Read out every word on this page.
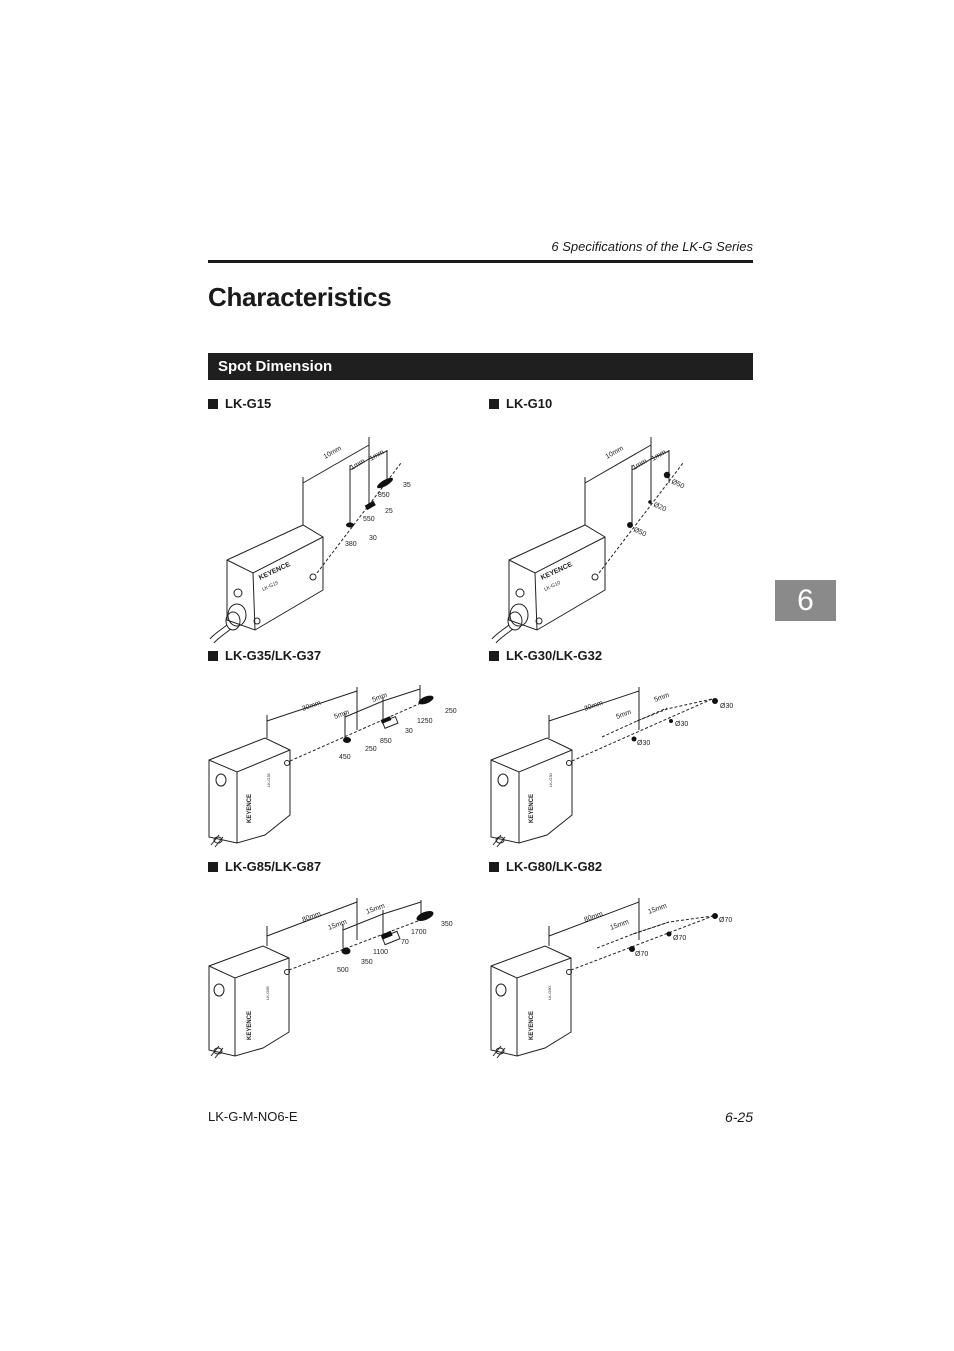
6 Specifications of the LK-G Series
Characteristics
Spot Dimension
6
LK-G15
10mm
1mm
1mm
35
850
25
550
30
380
KEYENCE
LK-G15
LK-G10
10mm
1mm
1mm
Ø50
Ø20
Ø50
KEYENCE
LK-G10
LK-G35/LK-G37
30mm
5mm
5mm
250
1250
30
850
250
450
KEYENCE
LK-G35
LK-G30/LK-G32
30mm
5mm
5mm
Ø30
Ø30
Ø30
KEYENCE
LK-G30
LK-G85/LK-G87
80mm
15mm
15mm
350
1700
70
1100
350
500
KEYENCE
LK-G85
LK-G80/LK-G82
80mm
15mm
15mm
Ø70
Ø70
Ø70
KEYENCE
LK-G80
LK-G-M-NO6-E	6-25
